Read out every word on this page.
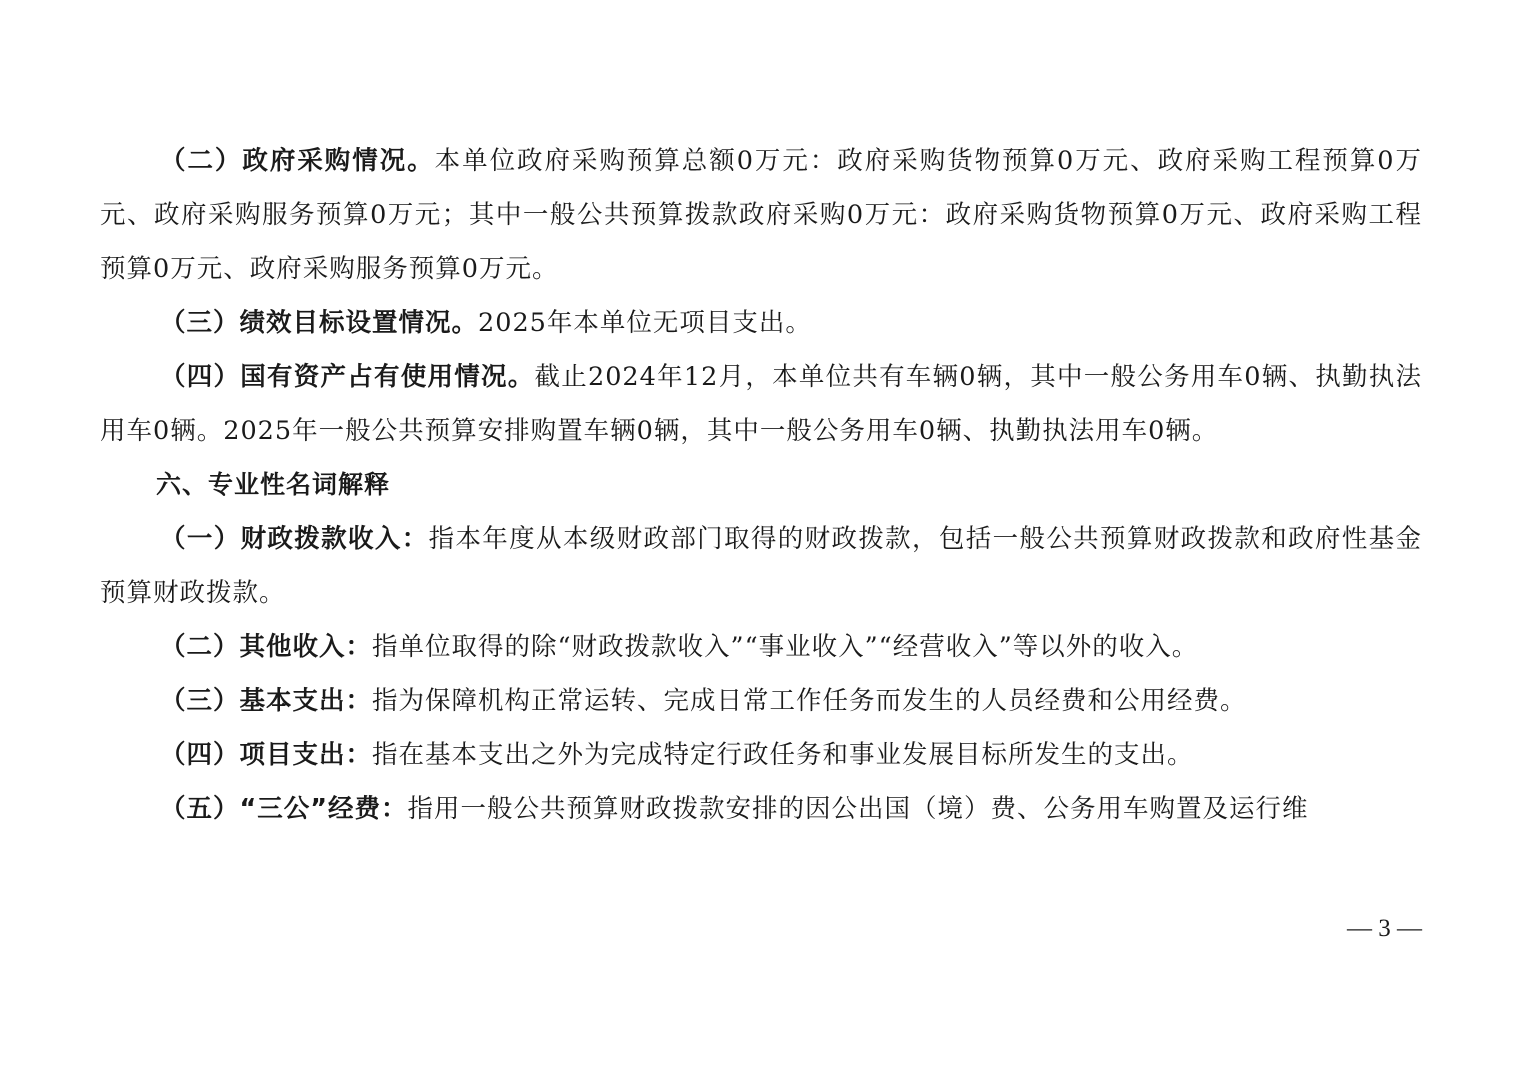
（二）政府采购情况。本单位政府采购预算总额0万元：政府采购货物预算0万元、政府采购工程预算0万元、政府采购服务预算0万元；其中一般公共预算拨款政府采购0万元：政府采购货物预算0万元、政府采购工程预算0万元、政府采购服务预算0万元。

（三）绩效目标设置情况。2025年本单位无项目支出。

（四）国有资产占有使用情况。截止2024年12月，本单位共有车辆0辆，其中一般公务用车0辆、执勤执法用车0辆。2025年一般公共预算安排购置车辆0辆，其中一般公务用车0辆、执勤执法用车0辆。

六、专业性名词解释

（一）财政拨款收入：指本年度从本级财政部门取得的财政拨款，包括一般公共预算财政拨款和政府性基金预算财政拨款。

（二）其他收入：指单位取得的除“财政拨款收入”“事业收入”“经营收入”等以外的收入。

（三）基本支出：指为保障机构正常运转、完成日常工作任务而发生的人员经费和公用经费。

（四）项目支出：指在基本支出之外为完成特定行政任务和事业发展目标所发生的支出。

（五）“三公”经费：指用一般公共预算财政拨款安排的因公出国（境）费、公务用车购置及运行维

— 3 —
